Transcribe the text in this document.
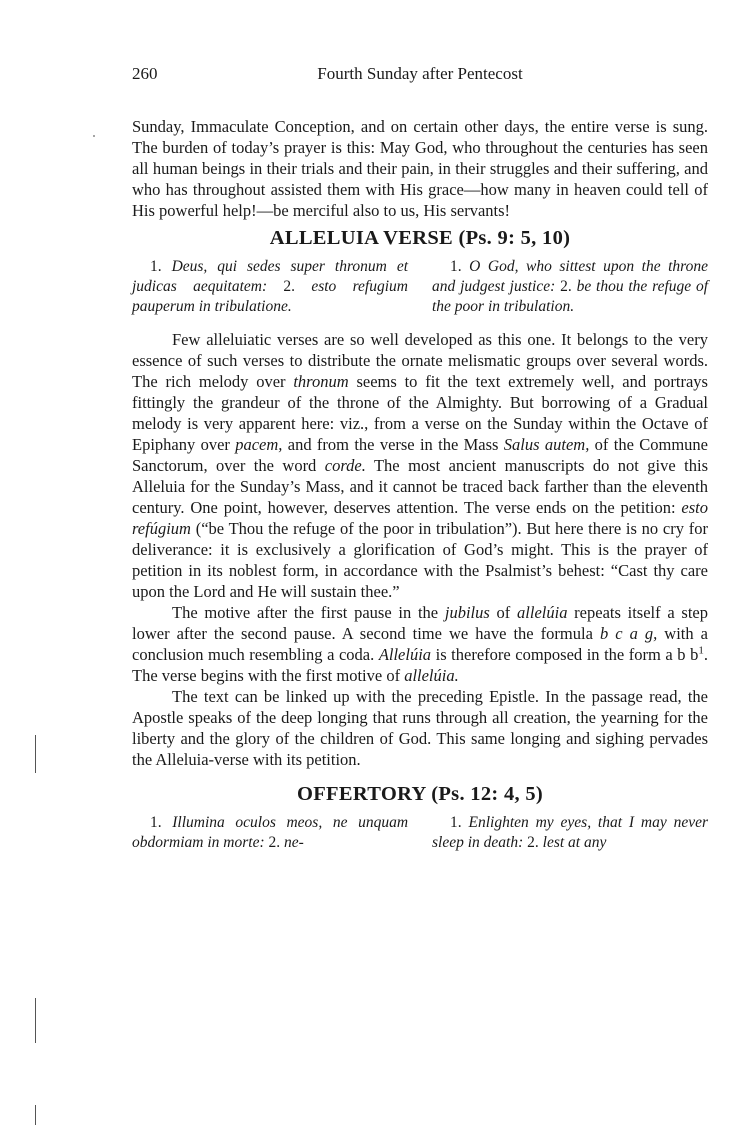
260	Fourth Sunday after Pentecost

Sunday, Immaculate Conception, and on certain other days, the entire verse is sung. The burden of today’s prayer is this: May God, who throughout the centuries has seen all human beings in their trials and their pain, in their struggles and their suffering, and who has throughout assisted them with His grace—how many in heaven could tell of His powerful help!—be merciful also to us, His servants!

ALLELUIA VERSE (Ps. 9: 5, 10)

1. Deus, qui sedes super thronum et judicas aequitatem: 2. esto refugium pauperum in tribulatione.

1. O God, who sittest upon the throne and judgest justice: 2. be thou the refuge of the poor in tribulation.

Few alleluiatic verses are so well developed as this one. It belongs to the very essence of such verses to distribute the ornate melismatic groups over several words. The rich melody over thronum seems to fit the text extremely well, and portrays fittingly the grandeur of the throne of the Almighty. But borrowing of a Gradual melody is very apparent here: viz., from a verse on the Sunday within the Octave of Epiphany over pacem, and from the verse in the Mass Salus autem, of the Commune Sanctorum, over the word corde. The most ancient manuscripts do not give this Alleluia for the Sunday’s Mass, and it cannot be traced back farther than the eleventh century. One point, however, deserves attention. The verse ends on the petition: esto refúgium (“be Thou the refuge of the poor in tribulation”). But here there is no cry for deliverance: it is exclusively a glorification of God’s might. This is the prayer of petition in its noblest form, in accordance with the Psalmist’s behest: “Cast thy care upon the Lord and He will sustain thee.”

The motive after the first pause in the jubilus of allelúia repeats itself a step lower after the second pause. A second time we have the formula b c a g, with a conclusion much resembling a coda. Allelúia is therefore composed in the form a b $b^1$. The verse begins with the first motive of allelúia.

The text can be linked up with the preceding Epistle. In the passage read, the Apostle speaks of the deep longing that runs through all creation, the yearning for the liberty and the glory of the children of God. This same longing and sighing pervades the Alleluia-verse with its petition.

OFFERTORY (Ps. 12: 4, 5)

1. Illumina oculos meos, ne unquam obdormiam in morte: 2. ne-

1. Enlighten my eyes, that I may never sleep in death: 2. lest at any
